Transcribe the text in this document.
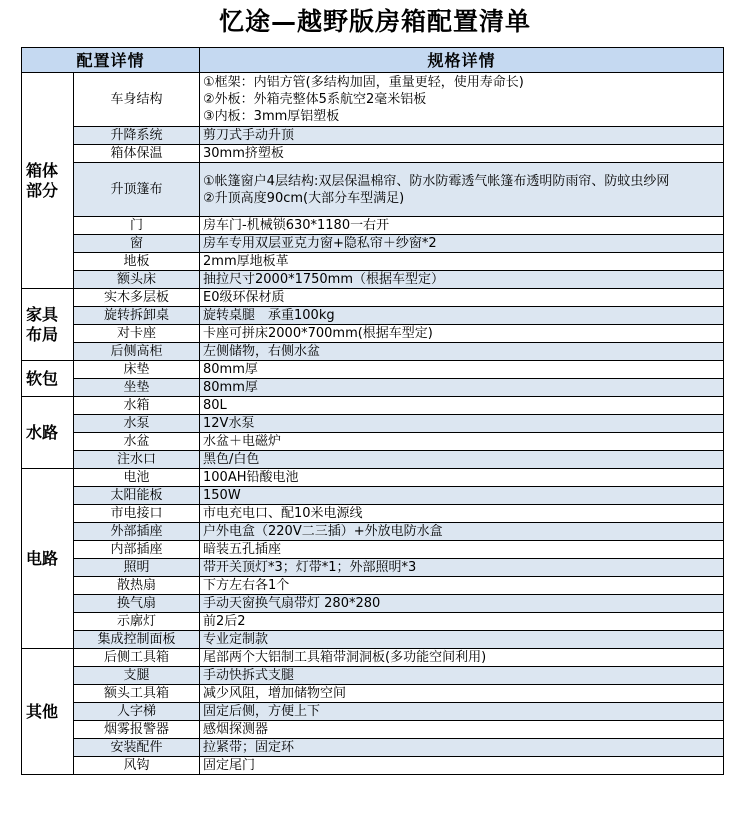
忆途—越野版房箱配置清单
配置详情		规格详情

箱体
部分	车身结构	①框架：内铝方管(多结构加固，重量更轻，使用寿命长)
②外板：外箱壳整体5系航空2毫米铝板
③内板：3mm厚铝塑板

	升降系统	剪刀式手动升顶
	箱体保温	30mm挤塑板
	升顶篷布	①帐篷窗户4层结构:双层保温棉帘、防水防霉透气帐篷布透明防雨帘、防蚊虫纱网
②升顶高度90cm(大部分车型满足)

	门	房车门-机械锁630*1180一右开
	窗	房车专用双层亚克力窗+隐私帘＋纱窗*2
	地板	2mm厚地板革
	额头床	抽拉尺寸2000*1750mm（根据车型定）

家具
布局	实木多层板	E0级环保材质
	旋转拆卸桌	旋转桌腿　承重100kg
	对卡座	卡座可拼床2000*700mm(根据车型定)
	后侧高柜	左侧储物，右侧水盆

软包	床垫	80mm厚
	坐垫	80mm厚

水路	水箱	80L
	水泵	12V水泵
	水盆	水盆＋电磁炉
	注水口	黑色/白色

电路	电池	100AH铅酸电池
	太阳能板	150W
	市电接口	市电充电口、配10米电源线
	外部插座	户外电盒（220V二三插）+外放电防水盒
	内部插座	暗装五孔插座
	照明	带开关顶灯*3；灯带*1；外部照明*3
	散热扇	下方左右各1个
	换气扇	手动天窗换气扇带灯 280*280
	示廓灯	前2后2
	集成控制面板	专业定制款

其他	后侧工具箱	尾部两个大铝制工具箱带洞洞板(多功能空间利用)
	支腿	手动快拆式支腿
	额头工具箱	减少风阻，增加储物空间
	人字梯	固定后侧，方便上下
	烟雾报警器	感烟探测器
	安装配件	拉紧带；固定环
	风钩	固定尾门
